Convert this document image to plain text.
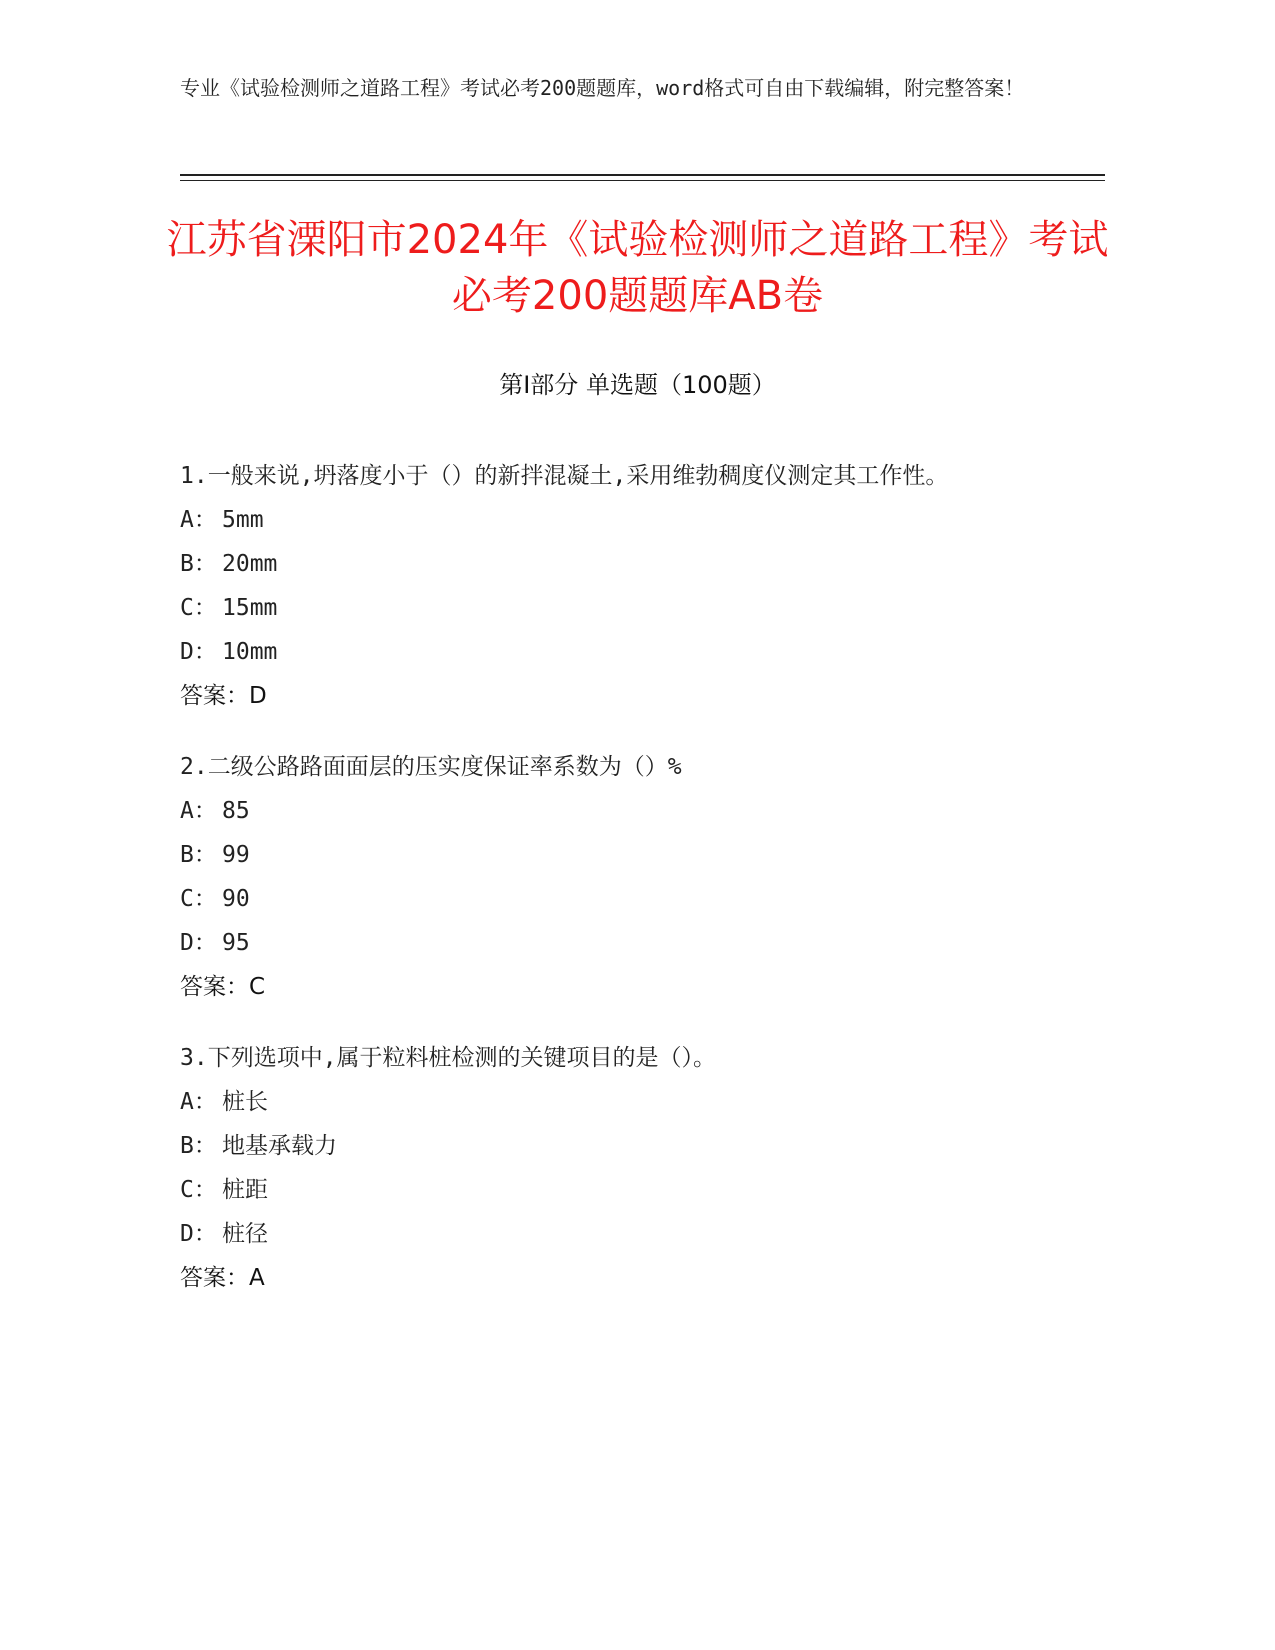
专业《试验检测师之道路工程》考试必考200题题库，word格式可自由下载编辑，附完整答案！
江苏省溧阳市2024年《试验检测师之道路工程》考试必考200题题库AB卷
第Ⅰ部分 单选题（100题）
1.一般来说,坍落度小于（）的新拌混凝土,采用维勃稠度仪测定其工作性。
A： 5mm
B： 20mm
C： 15mm
D： 10mm
答案： D
2.二级公路路面面层的压实度保证率系数为（）%
A： 85
B： 99
C： 90
D： 95
答案： C
3.下列选项中,属于粒料桩检测的关键项目的是（）。
A： 桩长
B： 地基承载力
C： 桩距
D： 桩径
答案： A
